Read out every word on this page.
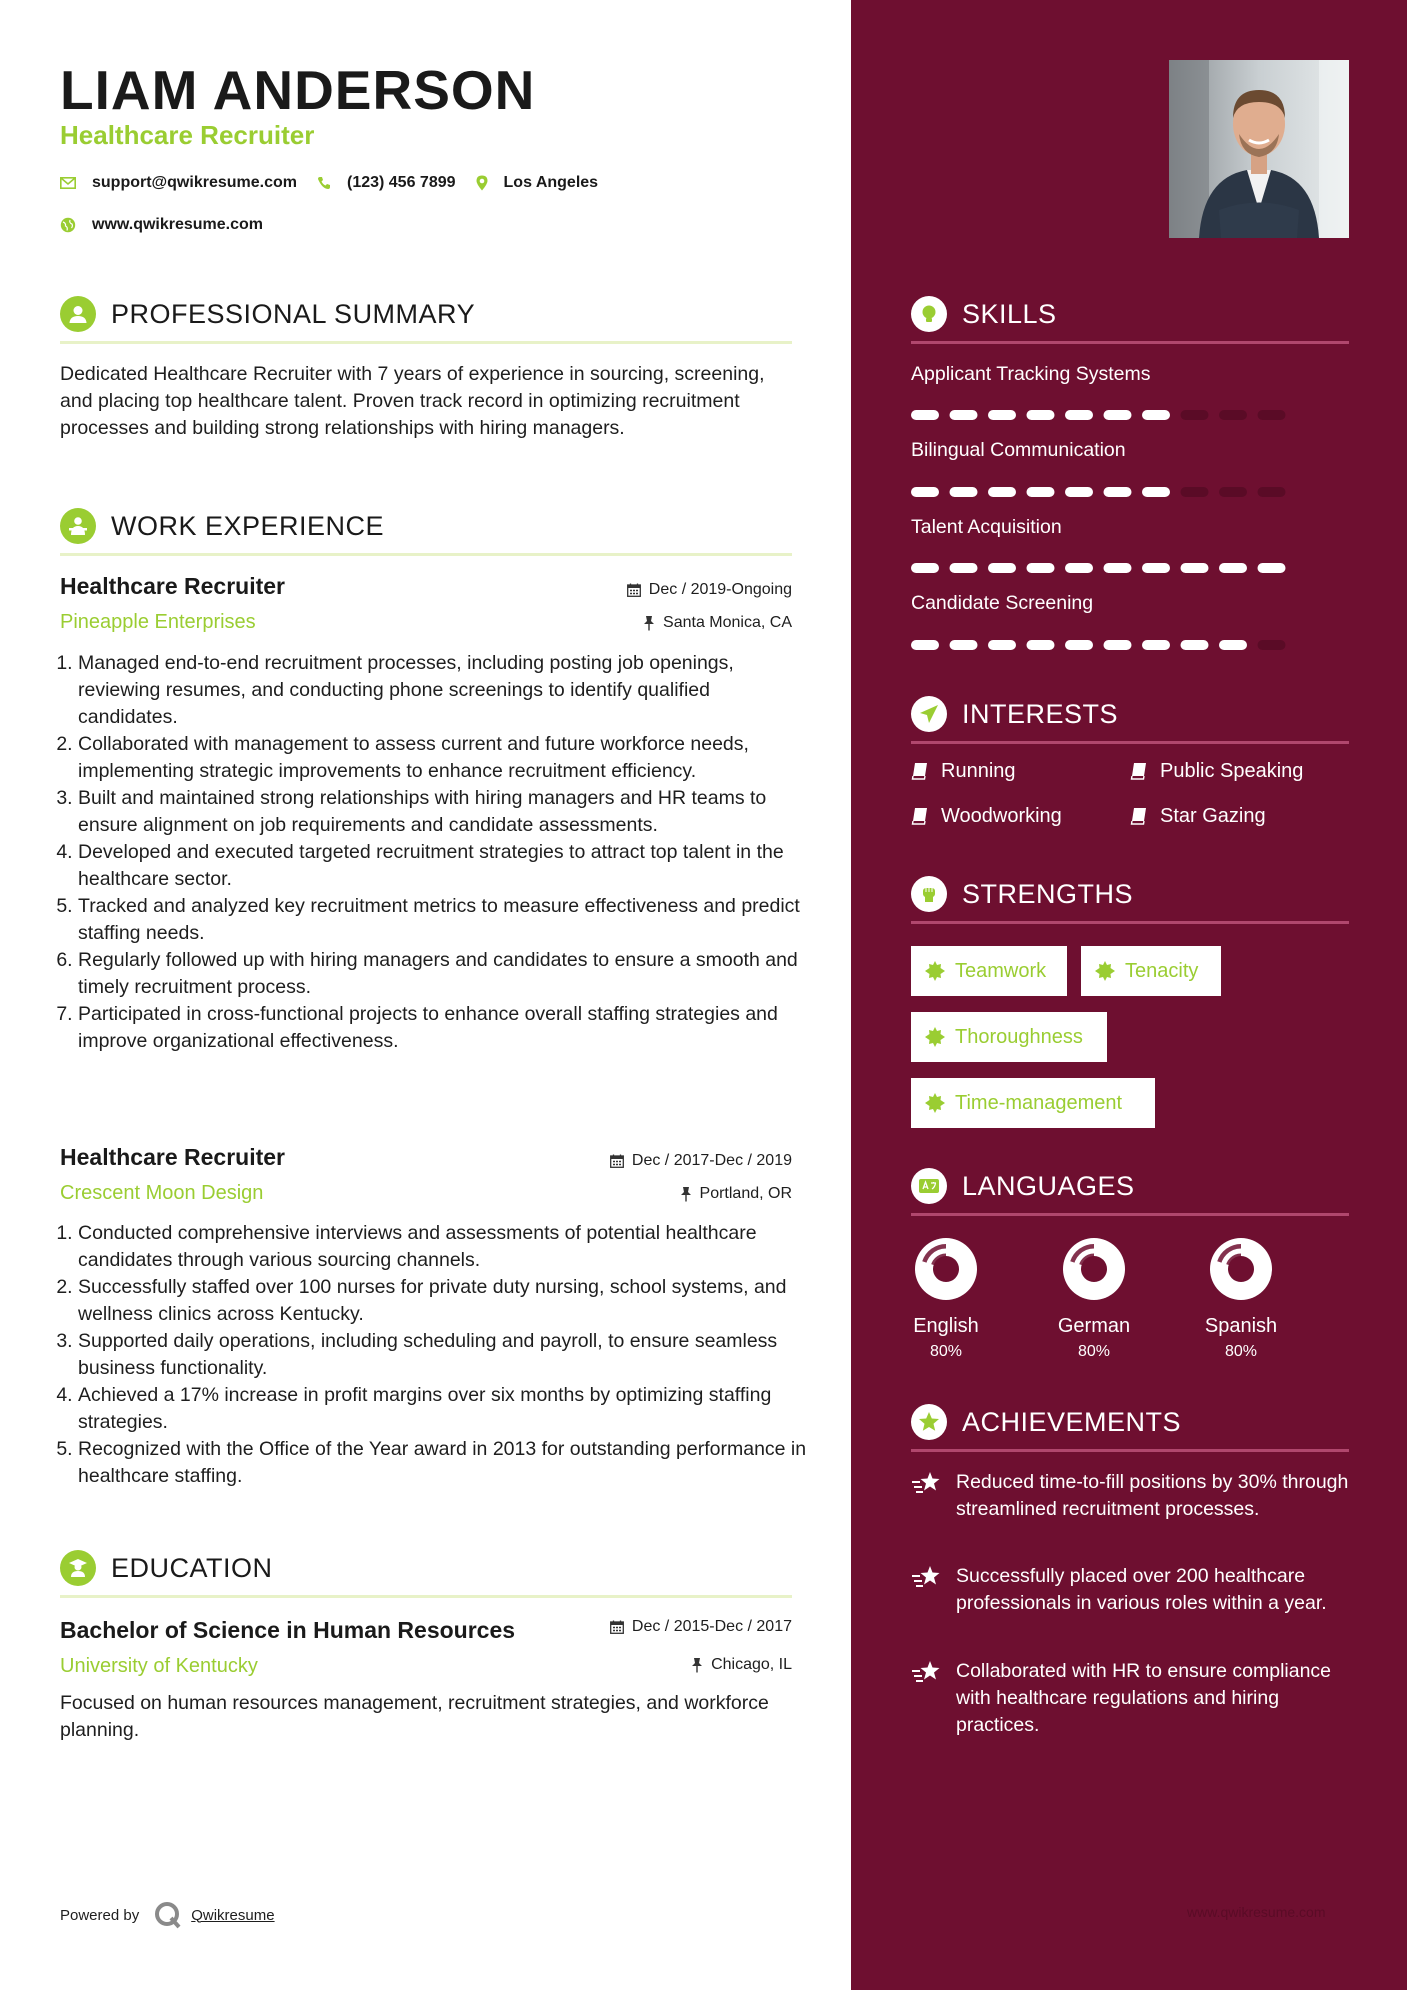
LIAM ANDERSON
Healthcare Recruiter
support@qwikresume.com	(123) 456 7899	Los Angeles
www.qwikresume.com
PROFESSIONAL SUMMARY

Dedicated Healthcare Recruiter with 7 years of experience in sourcing, screening, and placing top healthcare talent. Proven track record in optimizing recruitment processes and building strong relationships with hiring managers.

WORK EXPERIENCE
Healthcare Recruiter	Dec / 2019-Ongoing
Pineapple Enterprises	Santa Monica, CA
1. Managed end-to-end recruitment processes, including posting job openings, reviewing resumes, and conducting phone screenings to identify qualified candidates.
2. Collaborated with management to assess current and future workforce needs, implementing strategic improvements to enhance recruitment efficiency.
3. Built and maintained strong relationships with hiring managers and HR teams to ensure alignment on job requirements and candidate assessments.
4. Developed and executed targeted recruitment strategies to attract top talent in the healthcare sector.
5. Tracked and analyzed key recruitment metrics to measure effectiveness and predict staffing needs.
6. Regularly followed up with hiring managers and candidates to ensure a smooth and timely recruitment process.
7. Participated in cross-functional projects to enhance overall staffing strategies and improve organizational effectiveness.
Healthcare Recruiter	Dec / 2017-Dec / 2019
Crescent Moon Design	Portland, OR
1. Conducted comprehensive interviews and assessments of potential healthcare candidates through various sourcing channels.
2. Successfully staffed over 100 nurses for private duty nursing, school systems, and wellness clinics across Kentucky.
3. Supported daily operations, including scheduling and payroll, to ensure seamless business functionality.
4. Achieved a 17% increase in profit margins over six months by optimizing staffing strategies.
5. Recognized with the Office of the Year award in 2013 for outstanding performance in healthcare staffing.
EDUCATION
Bachelor of Science in Human Resources	Dec / 2015-Dec / 2017
University of Kentucky	Chicago, IL

Focused on human resources management, recruitment strategies, and workforce planning.

Powered by	Qwikresume
SKILLS
Applicant Tracking Systems
Bilingual Communication
Talent Acquisition
Candidate Screening
INTERESTS
Running	Public Speaking
Woodworking	Star Gazing
STRENGTHS
Teamwork	Tenacity
Thoroughness
Time-management
LANGUAGES
English
80%
German
80%
Spanish
80%
ACHIEVEMENTS
Reduced time-to-fill positions by 30% through streamlined recruitment processes.
Successfully placed over 200 healthcare professionals in various roles within a year.
Collaborated with HR to ensure compliance with healthcare regulations and hiring practices.
www.qwikresume.com
